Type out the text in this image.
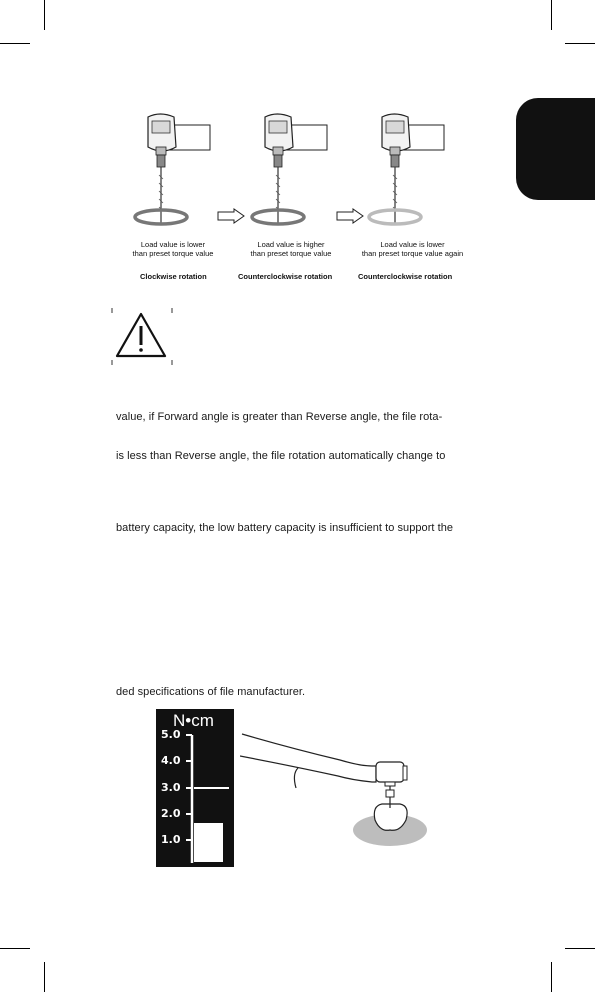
Load value is lower
than preset torque value
Load value is higher
than preset torque value
Load value is lower
than preset torque value again
Clockwise rotation	Counterclockwise rotation	Counterclockwise rotation
value, if Forward angle is greater than Reverse angle, the file rota-
is less than Reverse angle, the file rotation automatically change to
battery capacity, the low battery capacity is insufficient to support the
ded specifications of file manufacturer.
N•cm
5.0
4.0
3.0
2.0
1.0
